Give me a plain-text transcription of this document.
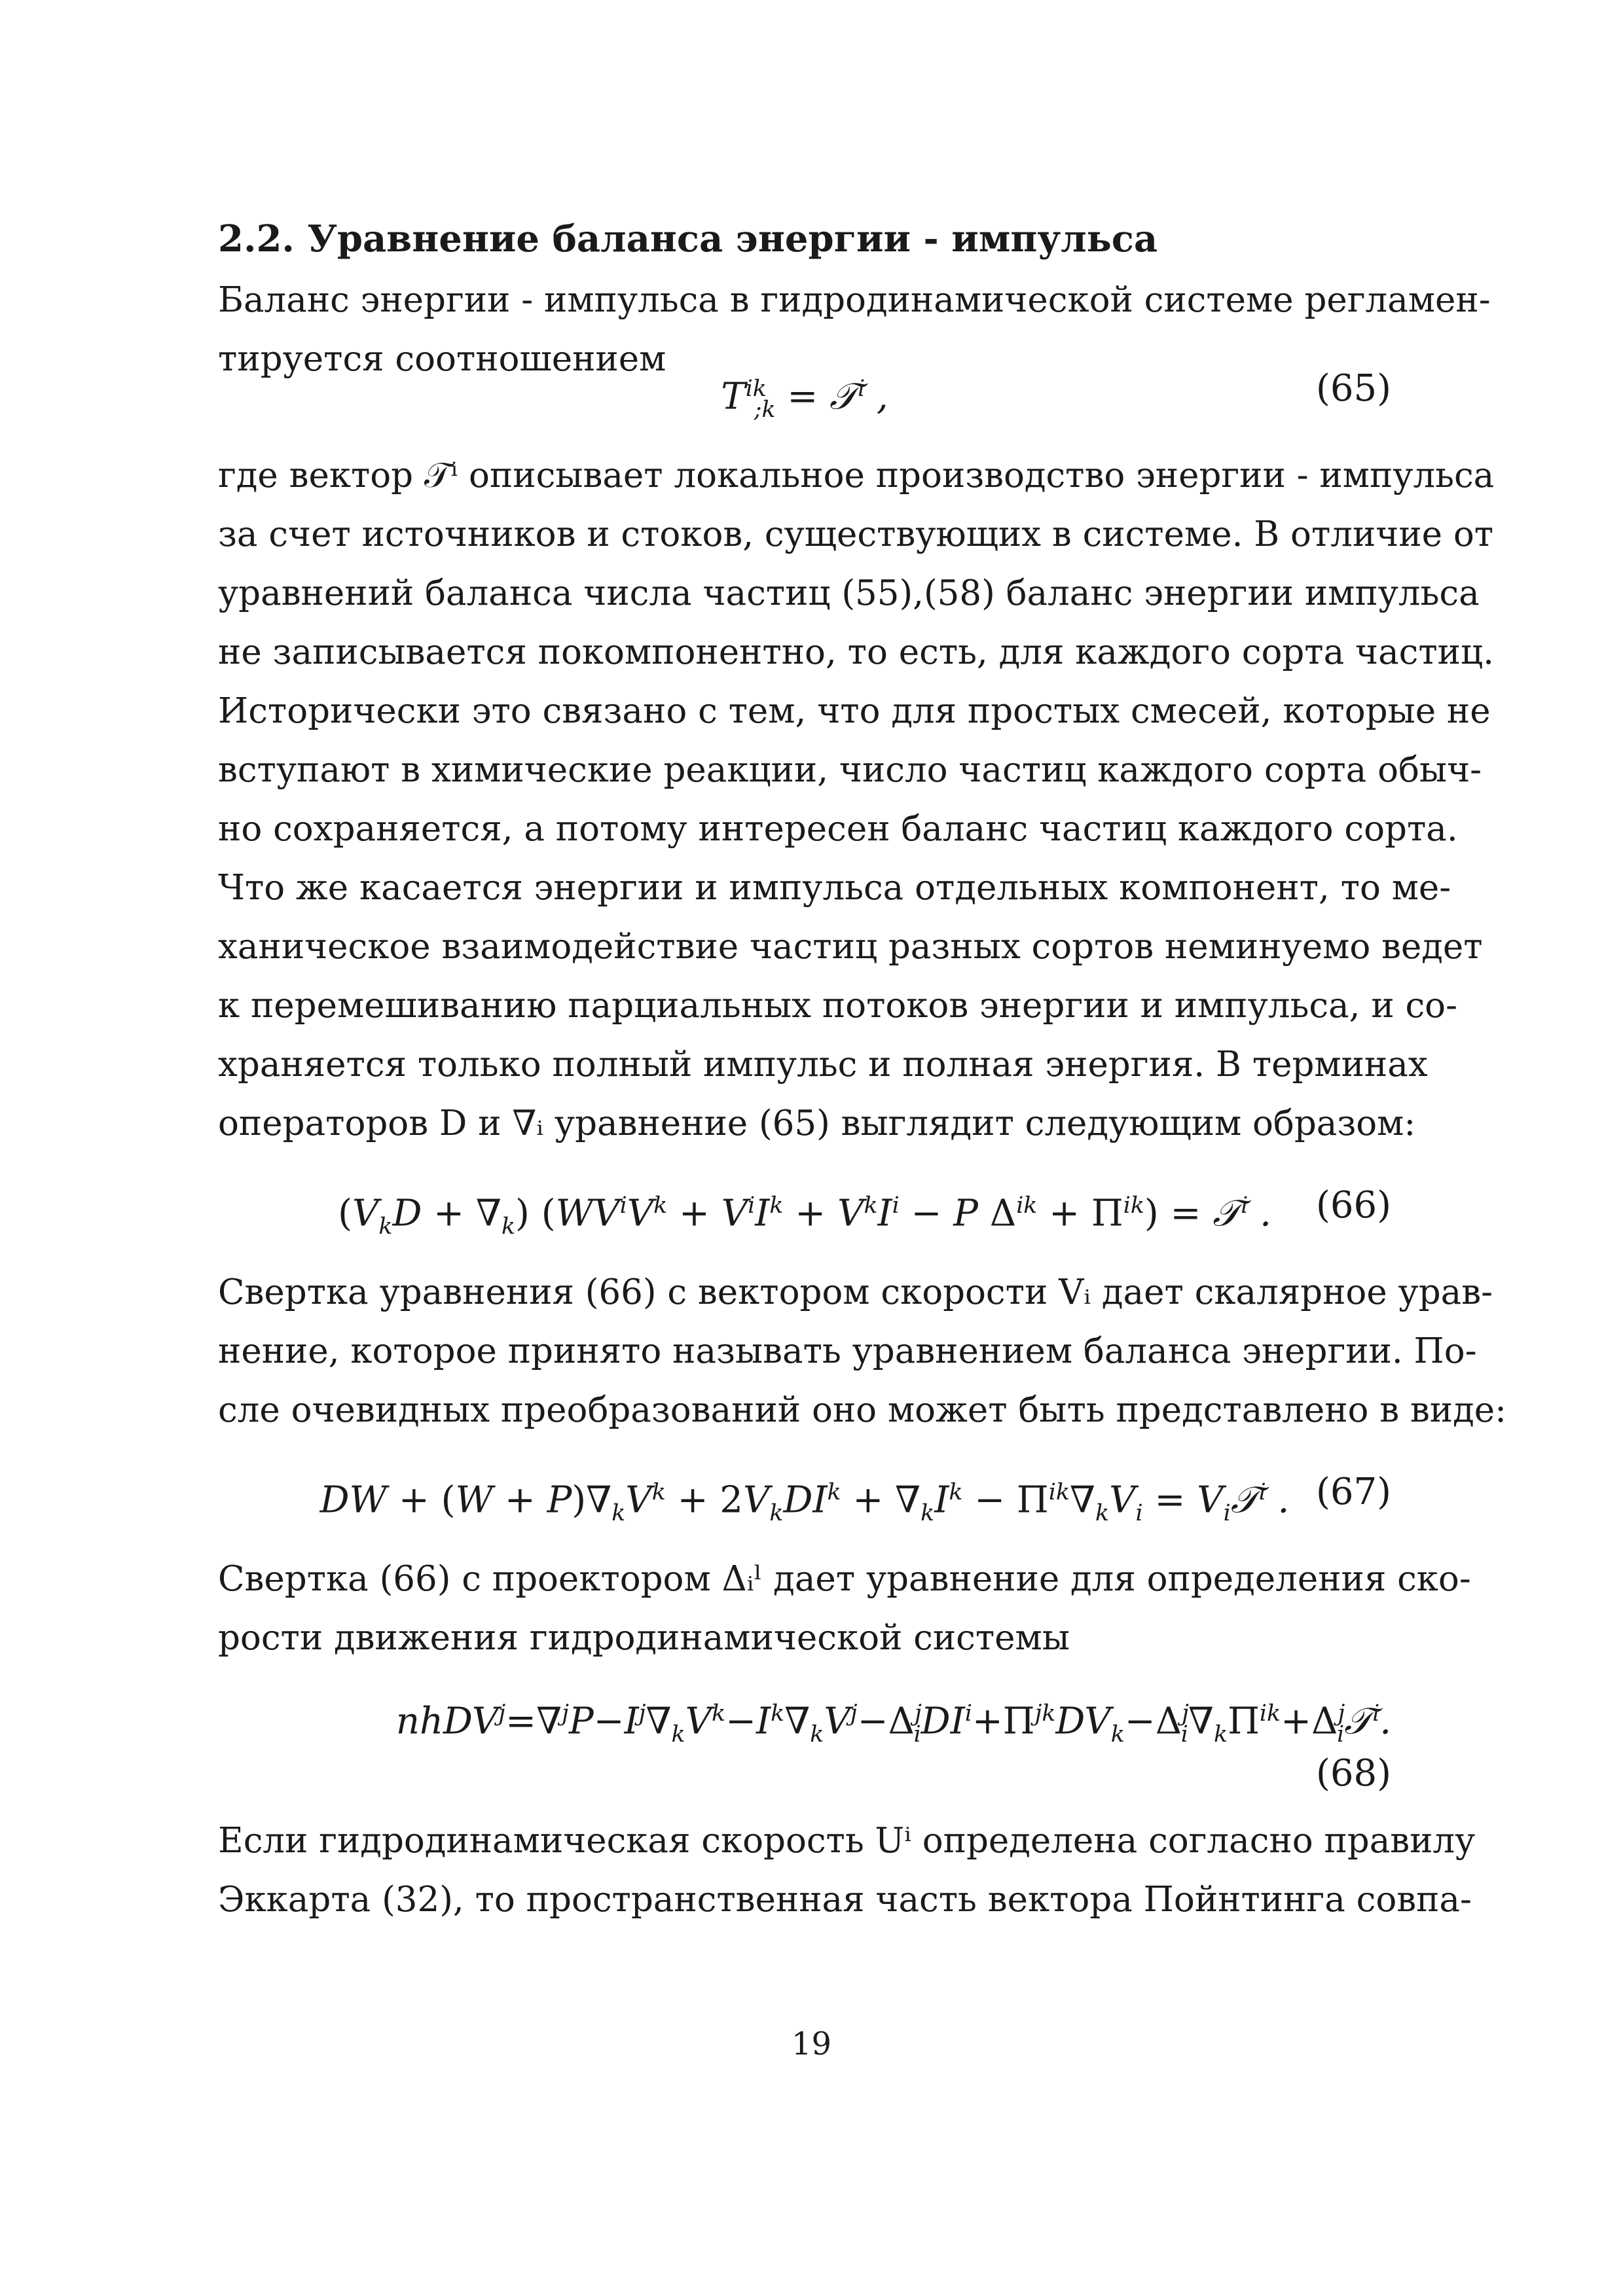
2.2. Уравнение баланса энергии - импульса

Баланс энергии - импульса в гидродинамической системе регламен-
тируется соотношением

$T^{ik}_{;k}$ = 𝒯$^i$ ,	(65)

где вектор 𝒯ⁱ описывает локальное производство энергии - импульса
за счет источников и стоков, существующих в системе. В отличие от
уравнений баланса числа частиц (55),(58) баланс энергии импульса
не записывается покомпонентно, то есть, для каждого сорта частиц.
Исторически это связано с тем, что для простых смесей, которые не
вступают в химические реакции, число частиц каждого сорта обыч-
но сохраняется, а потому интересен баланс частиц каждого сорта.
Что же касается энергии и импульса отдельных компонент, то ме-
ханическое взаимодействие частиц разных сортов неминуемо ведет
к перемешиванию парциальных потоков энергии и импульса, и со-
храняется только полный импульс и полная энергия. В терминах
операторов D и ∇ᵢ уравнение (65) выглядит следующим образом:

$(V_kD + \nabla_k) (WV^iV^k + V^iI^k + V^kI^i - P$ $\Delta^{ik} + \Pi^{ik}$) = 𝒯$^i$ .	(66)

Свертка уравнения (66) с вектором скорости Vᵢ дает скалярное урав-
нение, которое принято называть уравнением баланса энергии. По-
сле очевидных преобразований оно может быть представлено в виде:

DW + $(W + P)\nabla_kV^k + 2V_kDI^k + \nabla_kI^k - \Pi^{ik}\nabla_kV_i$ = $V_i𝒯^i$ . (67)

Свертка (66) с проектором Δᵢˡ дает уравнение для определения ско-
рости движения гидродинамической системы

$nhDV^j=\nabla^jP-I^j\nabla_kV^k-I^k\nabla_kV^j-\Delta^j_iDI^i+\Pi^{jk}DV_k-\Delta^j_i\nabla_k\Pi^{ik}+\Delta^j_i𝒯^i$.
(68)

Если гидродинамическая скорость Uⁱ определена согласно правилу
Эккарта (32), то пространственная часть вектора Пойнтинга совпа-

19
